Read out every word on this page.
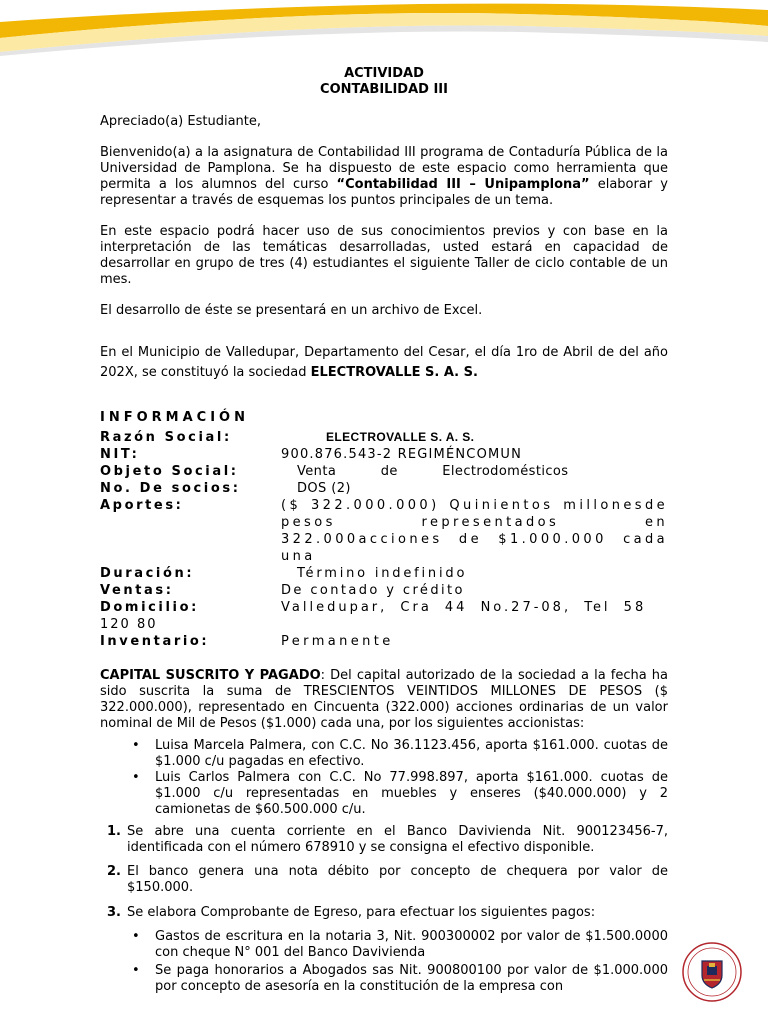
ACTIVIDAD

CONTABILIDAD III

Apreciado(a) Estudiante,

Bienvenido(a) a la asignatura de Contabilidad III programa de Contaduría Pública de la Universidad de Pamplona. Se ha dispuesto de este espacio como herramienta que permita a los alumnos del curso “Contabilidad III – Unipamplona” elaborar y representar a través de esquemas los puntos principales de un tema.

En este espacio podrá hacer uso de sus conocimientos previos y con base en la interpretación de las temáticas desarrolladas, usted estará en capacidad de desarrollar en grupo de tres (4) estudiantes el siguiente Taller de ciclo contable de un mes.

El desarrollo de éste se presentará en un archivo de Excel.

En el Municipio de Valledupar, Departamento del Cesar, el día 1ro de Abril de del año 202X, se constituyó la sociedad ELECTROVALLE S. A. S.

INFORMACIÓN

Razón Social:	ELECTROVALLE S. A. S.
NIT:	900.876.543-2 REGIMÉNCOMUN
Objeto Social:	Venta de Electrodomésticos
No. De socios:	DOS (2)
Aportes:	($ 322.000.000) Quinientos millonesde pesos representados en 322.000acciones de $1.000.000 cada una
Duración:	Término indefinido
Ventas:	De contado y crédito
Domicilio:	Valledupar, Cra 44 No.27-08, Tel 58
120 80
Inventario:	Permanente

CAPITAL SUSCRITO Y PAGADO: Del capital autorizado de la sociedad a la fecha ha sido suscrita la suma de TRESCIENTOS VEINTIDOS MILLONES DE PESOS ($ 322.000.000), representado en Cincuenta (322.000) acciones ordinarias de un valor nominal de Mil de Pesos ($1.000) cada una, por los siguientes accionistas:

• Luisa Marcela Palmera, con C.C. No 36.1123.456, aporta $161.000. cuotas de $1.000 c/u pagadas en efectivo.
• Luis Carlos Palmera con C.C. No 77.998.897, aporta $161.000. cuotas de $1.000 c/u representadas en muebles y enseres ($40.000.000) y 2 camionetas de $60.500.000 c/u.
1. Se abre una cuenta corriente en el Banco Davivienda Nit. 900123456-7, identificada con el número 678910 y se consigna el efectivo disponible.
2. El banco genera una nota débito por concepto de chequera por valor de $150.000.
3. Se elabora Comprobante de Egreso, para efectuar los siguientes pagos:
• Gastos de escritura en la notaria 3, Nit. 900300002 por valor de $1.500.0000 con cheque N° 001 del Banco Davivienda
• Se paga honorarios a Abogados sas Nit. 900800100 por valor de $1.000.000 por concepto de asesoría en la constitución de la empresa con
